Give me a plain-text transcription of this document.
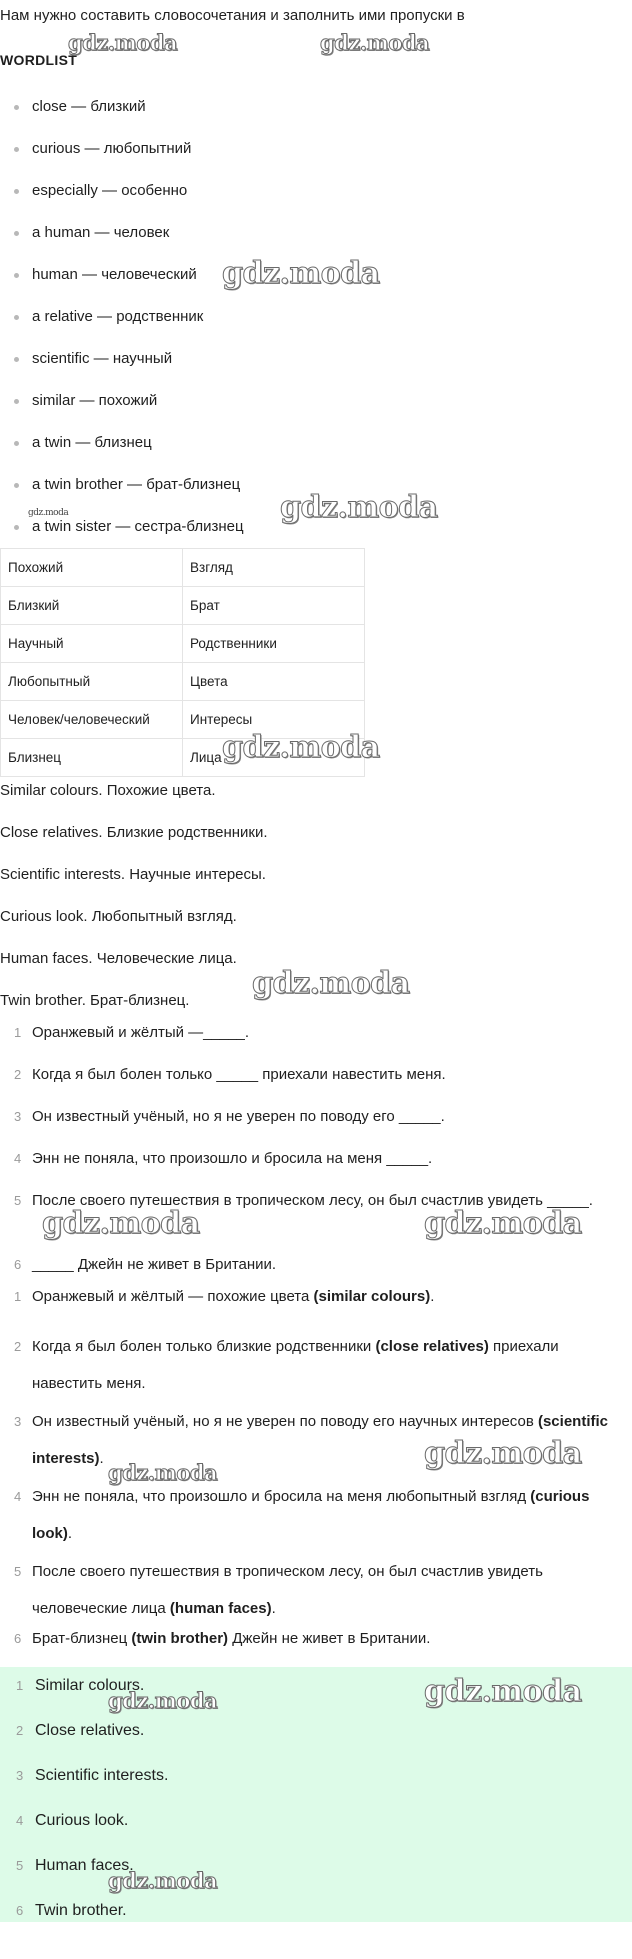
Нам нужно составить словосочетания и заполнить ими пропуски в
WORDLIST
close — близкий
curious — любопытний
especially — особенно
a human — человек
human — человеческий
a relative — родственник
scientific — научный
similar — похожий
a twin — близнец
a twin brother — брат-близнец
a twin sister — сестра-близнец
Похожий	Взгляд
Близкий	Брат
Научный	Родственники
Любопытный	Цвета
Человек/человеческий	Интересы
Близнец	Лица

Similar colours. Похожие цвета.

Close relatives. Близкие родственники.

Scientific interests. Научные интересы.

Curious look. Любопытный взгляд.

Human faces. Человеческие лица.

Twin brother. Брат-близнец.

1 Оранжевый и жёлтый —_____.
2 Когда я был болен только _____ приехали навестить меня.
3 Он известный учёный, но я не уверен по поводу его _____.
4 Энн не поняла, что произошло и бросила на меня _____.
5 После своего путешествия в тропическом лесу, он был счастлив увидеть _____.
6 _____ Джейн не живет в Британии.
1 Оранжевый и жёлтый — похожие цвета (similar colours).
2 Когда я был болен только близкие родственники (close relatives) приехали навестить меня.
3 Он известный учёный, но я не уверен по поводу его научных интересов (scientific interests).
4 Энн не поняла, что произошло и бросила на меня любопытный взгляд (curious look).
5 После своего путешествия в тропическом лесу, он был счастлив увидеть человеческие лица (human faces).
6 Брат-близнец (twin brother) Джейн не живет в Британии.
1 Similar colours.
2 Close relatives.
3 Scientific interests.
4 Curious look.
5 Human faces.
6 Twin brother.
gdz.moda	gdz.moda
gdz.moda
gdz.moda	gdz.moda
gdz.moda
gdz.moda
gdz.moda	gdz.moda
gdz.moda
gdz.moda
gdz.moda	gdz.moda
gdz.moda
